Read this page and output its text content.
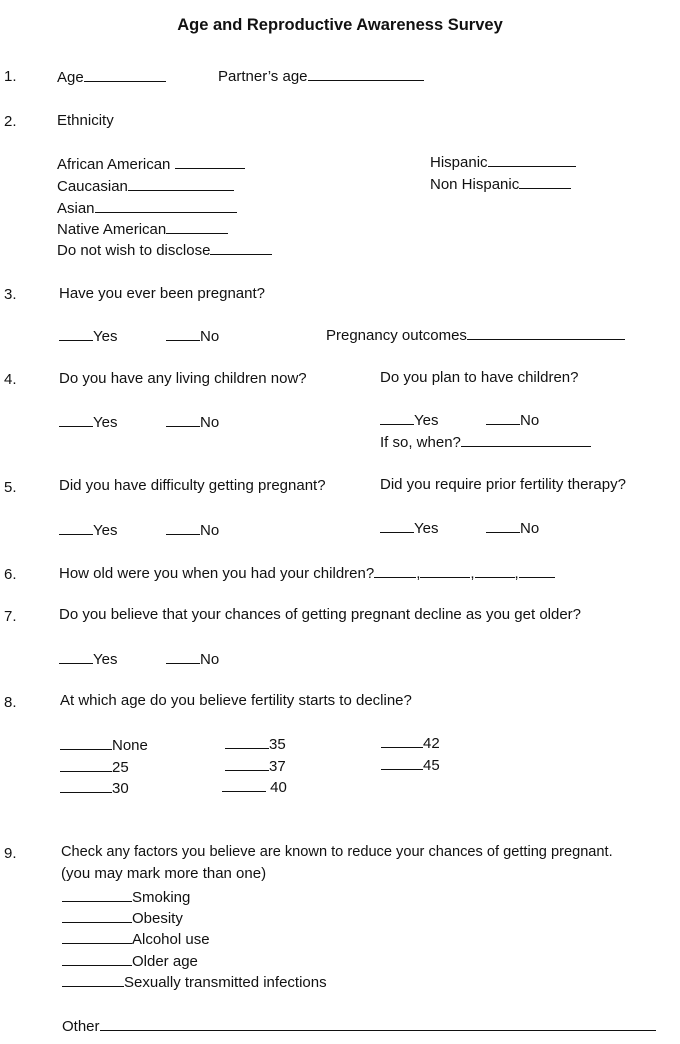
Age and Reproductive Awareness Survey
1.	Age	Partner’s age
2.	Ethnicity
African American
Caucasian
Asian
Native American
Do not wish to disclose
Hispanic
Non Hispanic
3.	Have you ever been pregnant?
Yes	No	Pregnancy outcomes
4.	Do you have any living children now?
Yes	No
Do you plan to have children?
Yes	No
If so, when?
5.	Did you have difficulty getting pregnant?
Yes	No
Did you require prior fertility therapy?
Yes	No
6.	How old were you when you had your children?	,	,	,
7.	Do you believe that your chances of getting pregnant decline as you get older?
Yes	No
8.	At which age do you believe fertility starts to decline?
None
25
30
35
37
40
42
45
9.	Check any factors you believe are known to reduce your chances of getting pregnant.
(you may mark more than one)
Smoking
Obesity
Alcohol use
Older age
Sexually transmitted infections
Other
